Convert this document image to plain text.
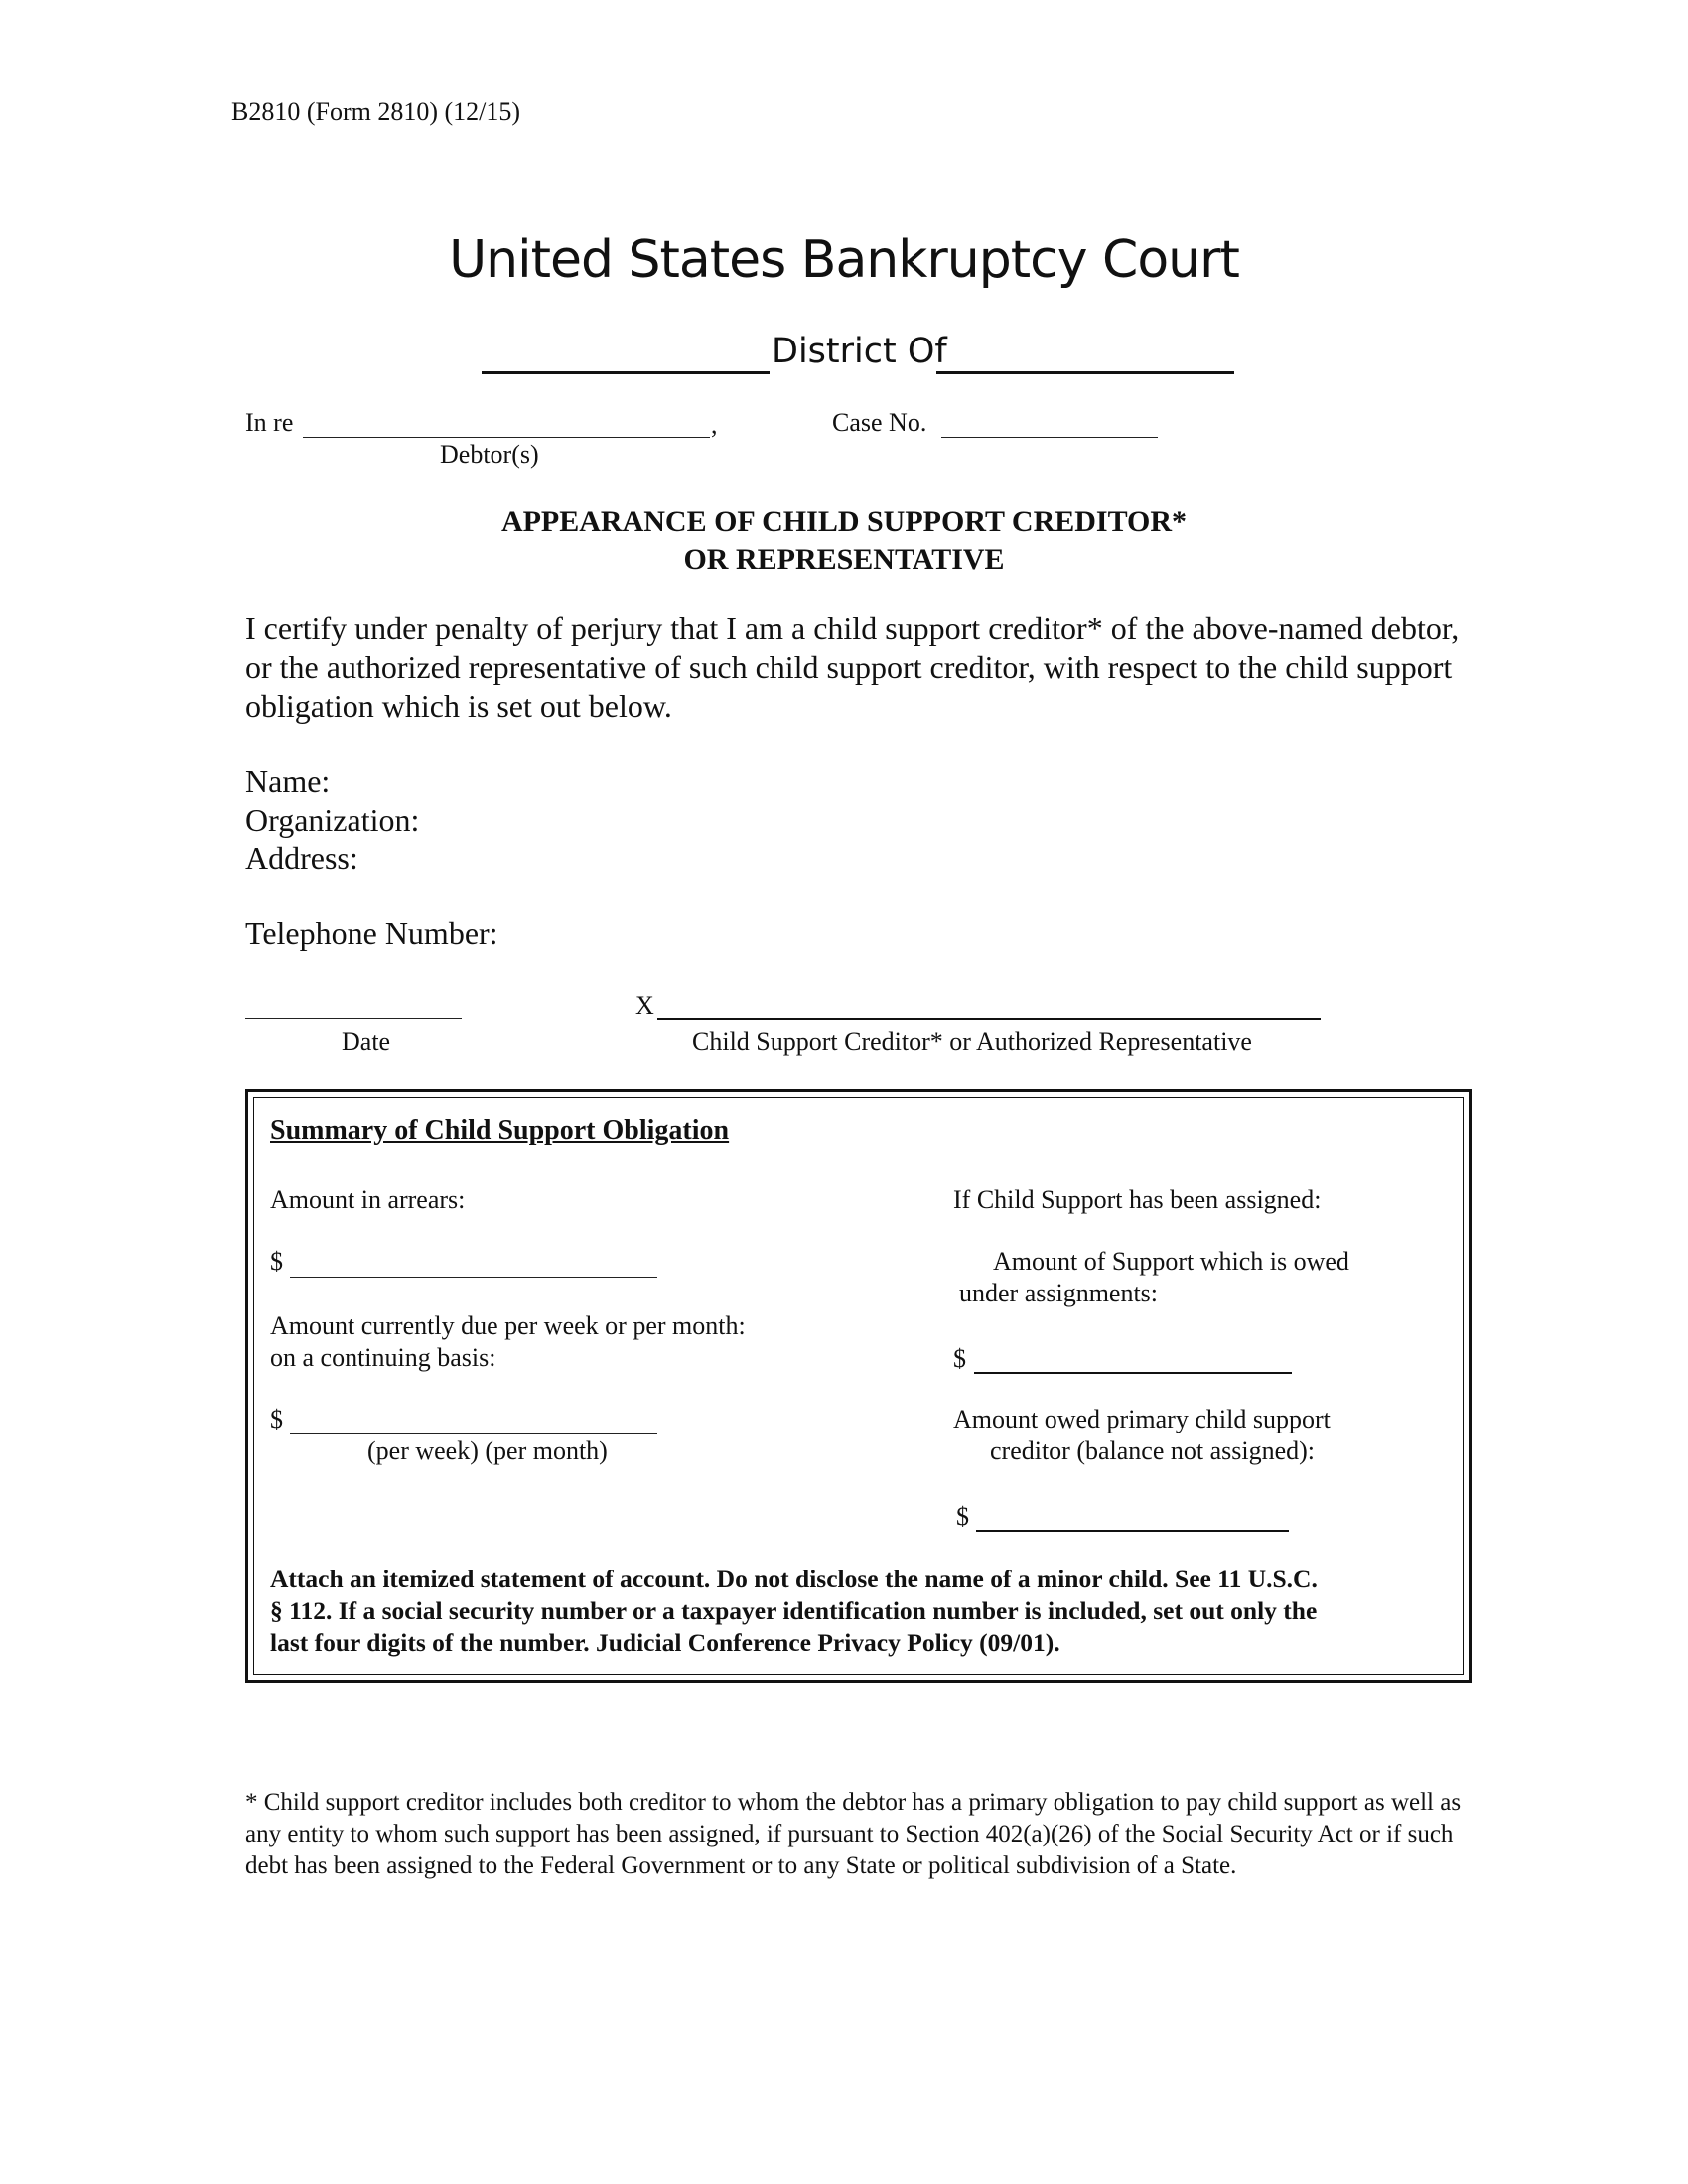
B2810 (Form 2810) (12/15)
United States Bankruptcy Court
District Of
In re	,
Debtor(s)
Case No.
APPEARANCE OF CHILD SUPPORT CREDITOR*
OR REPRESENTATIVE
I certify under penalty of perjury that I am a child support creditor* of the above-named debtor, or the authorized representative of such child support creditor, with respect to the child support obligation which is set out below.
Name:
Organization:
Address:
Telephone Number:
Date
X
Child Support Creditor* or Authorized Representative
Summary of Child Support Obligation
Amount in arrears:
$
Amount currently due per week or per month:
on a continuing basis:
$
(per week) (per month)
If Child Support has been assigned:
Amount of Support which is owed
under assignments:
$
Amount owed primary child support
creditor (balance not assigned):
$
Attach an itemized statement of account. Do not disclose the name of a minor child. See 11 U.S.C.
§ 112. If a social security number or a taxpayer identification number is included, set out only the
last four digits of the number. Judicial Conference Privacy Policy (09/01).
* Child support creditor includes both creditor to whom the debtor has a primary obligation to pay child support as well as any entity to whom such support has been assigned, if pursuant to Section 402(a)(26) of the Social Security Act or if such debt has been assigned to the Federal Government or to any State or political subdivision of a State.
